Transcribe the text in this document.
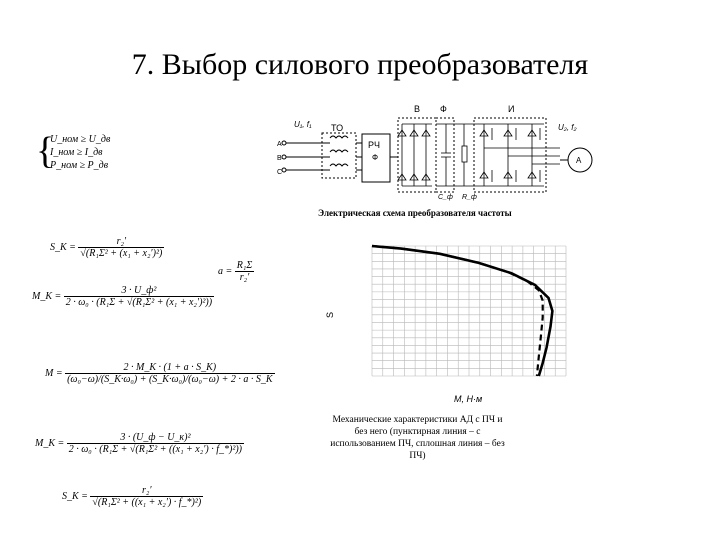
7. Выбор силового преобразователя
U₁, f₁ ТО
A
B
C
РЧ
Ф
В Ф
C_ф R_ф
И
U₂, f₂
A
Электрическая схема преобразователя частоты
{
U_ном ≥ U_дв
I_ном ≥ I_дв
P_ном ≥ P_дв
S_K = $\frac{\text{r₂′}}{\text{√(R₁Σ² + (x₁ + x₂′)²)}}$
$a = \frac{\text{R₁Σ}}{\text{r₂′}}$
M_K = $\frac{\text{3 · U\_ф²}}{\text{2 · ω₀ · (R₁Σ + √(R₁Σ² + (x₁ + x₂′)²))}}$
$M = \frac{2 \cdot M\_K \cdot (1 + a \cdot S\_K)}{\text{(ω₀−ω)/(S\_K·ω₀) + (S\_K·ω₀)/(ω₀−ω) + 2 · a · S\_K}}$
M_K = $\frac{\text{3 · (U\_ф − U\_к)²}}{\text{2 · ω₀ · (R₁Σ + √(R₁Σ² + ((x₁ + x₂′) · f\_*)²))}}$
S_K = $\frac{\text{r₂′}}{\text{√(R₁Σ² + ((x₁ + x₂′) · f\_*)²)}}$
S
M, Н·м
Механические характеристики АД с ПЧ и без него (пунктирная линия – с использованием ПЧ, сплошная линия – без ПЧ)
